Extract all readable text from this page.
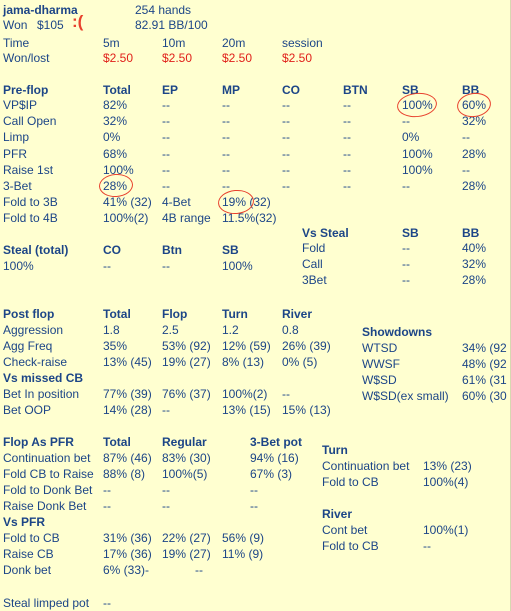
jama-dharma	254 hands
Won $105 :(	82.91 BB/100
Time	5m	10m	20m	session
Won/lost	$2.50 $2.50 $2.50 $2.50
Pre-flop	Total	EP	MP	CO	BTN	SB	BB
VP$IP	82%	--	--	--	--	100% 60%
Call Open	32%	--	--	--	--	--	32%
Limp	0%	--	--	--	--	0%	--
PFR	68%	--	--	--	--	100% 28%
Raise 1st	100% --	--	--	--	100% --
3-Bet	28%	--	--	--	--	--	28%
Fold to 3B	41% (32) 4-Bet	19% (32)
Fold to 4B	100%(2) 4B range 11.5%(32)
Steal (total)	CO	Btn	SB
100%	--	--	100%
Vs Steal	SB	BB
Fold	--	40%
Call	--	32%
3Bet	--	28%
Post flop	Total	Flop	Turn	River
Aggression	1.8	2.5	1.2	0.8
Agg Freq	35%	53% (92) 12% (59) 26% (39)
Check-raise	13% (45) 19% (27) 8% (13) 0% (5)
Vs missed CB
Bet In position 77% (39) 76% (37) 100%(2) --
Bet OOP	14% (28) --	13% (15) 15% (13)
Showdowns
WTSD	34% (92
WWSF	48% (92
W$SD	61% (31
W$SD(ex small) 60% (30
Flop As PFR Total	Regular	3-Bet pot
Continuation bet 87% (46) 83% (30)	94% (16)
Fold CB to Raise 88% (8) 100%(5)	67% (3)
Fold to Donk Bet --	--	--
Raise Donk Bet --	--	--
Vs PFR
Fold to CB	31% (36) 22% (27) 56% (9)
Raise CB	17% (36) 19% (27) 11% (9)
Donk bet	6% (33)-	--
Turn
Continuation bet 13% (23)
Fold to CB	100%(4)
River
Cont bet	100%(1)
Fold to CB	--
Steal limped pot --
